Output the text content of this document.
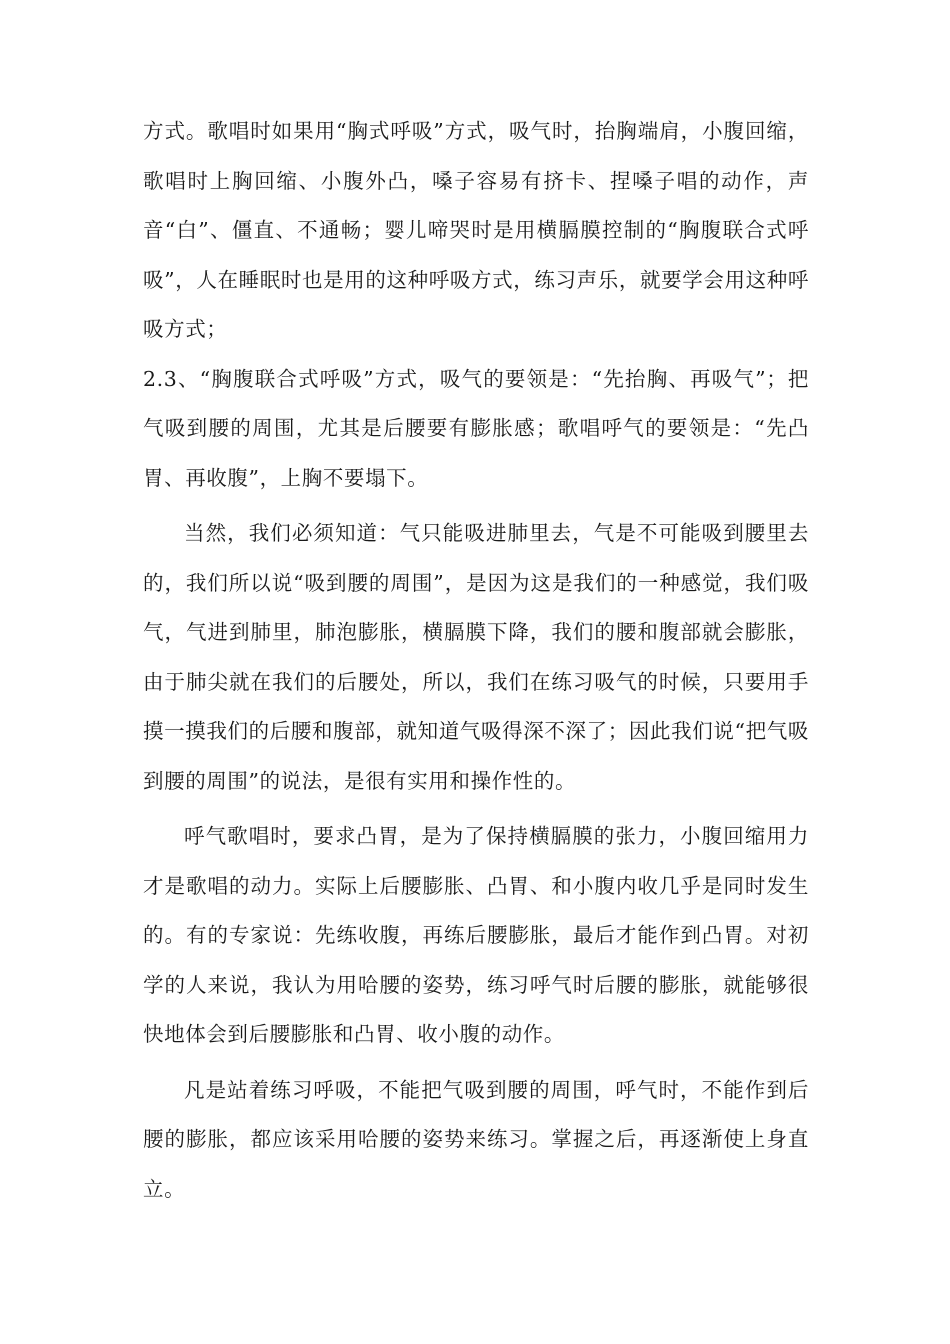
方式。歌唱时如果用“胸式呼吸”方式，吸气时，抬胸端肩，小腹回缩，歌唱时上胸回缩、小腹外凸，嗓子容易有挤卡、捏嗓子唱的动作，声音“白”、僵直、不通畅；婴儿啼哭时是用横膈膜控制的“胸腹联合式呼吸”，人在睡眠时也是用的这种呼吸方式，练习声乐，就要学会用这种呼吸方式；

2.3、“胸腹联合式呼吸”方式，吸气的要领是：“先抬胸、再吸气”；把气吸到腰的周围，尤其是后腰要有膨胀感；歌唱呼气的要领是：“先凸胃、再收腹”，上胸不要塌下。

当然，我们必须知道：气只能吸进肺里去，气是不可能吸到腰里去的，我们所以说“吸到腰的周围”，是因为这是我们的一种感觉，我们吸气，气进到肺里，肺泡膨胀，横膈膜下降，我们的腰和腹部就会膨胀，由于肺尖就在我们的后腰处，所以，我们在练习吸气的时候，只要用手摸一摸我们的后腰和腹部，就知道气吸得深不深了；因此我们说“把气吸到腰的周围”的说法，是很有实用和操作性的。

呼气歌唱时，要求凸胃，是为了保持横膈膜的张力，小腹回缩用力才是歌唱的动力。实际上后腰膨胀、凸胃、和小腹内收几乎是同时发生的。有的专家说：先练收腹，再练后腰膨胀，最后才能作到凸胃。对初学的人来说，我认为用哈腰的姿势，练习呼气时后腰的膨胀，就能够很快地体会到后腰膨胀和凸胃、收小腹的动作。

凡是站着练习呼吸，不能把气吸到腰的周围，呼气时，不能作到后腰的膨胀，都应该采用哈腰的姿势来练习。掌握之后，再逐渐使上身直立。
